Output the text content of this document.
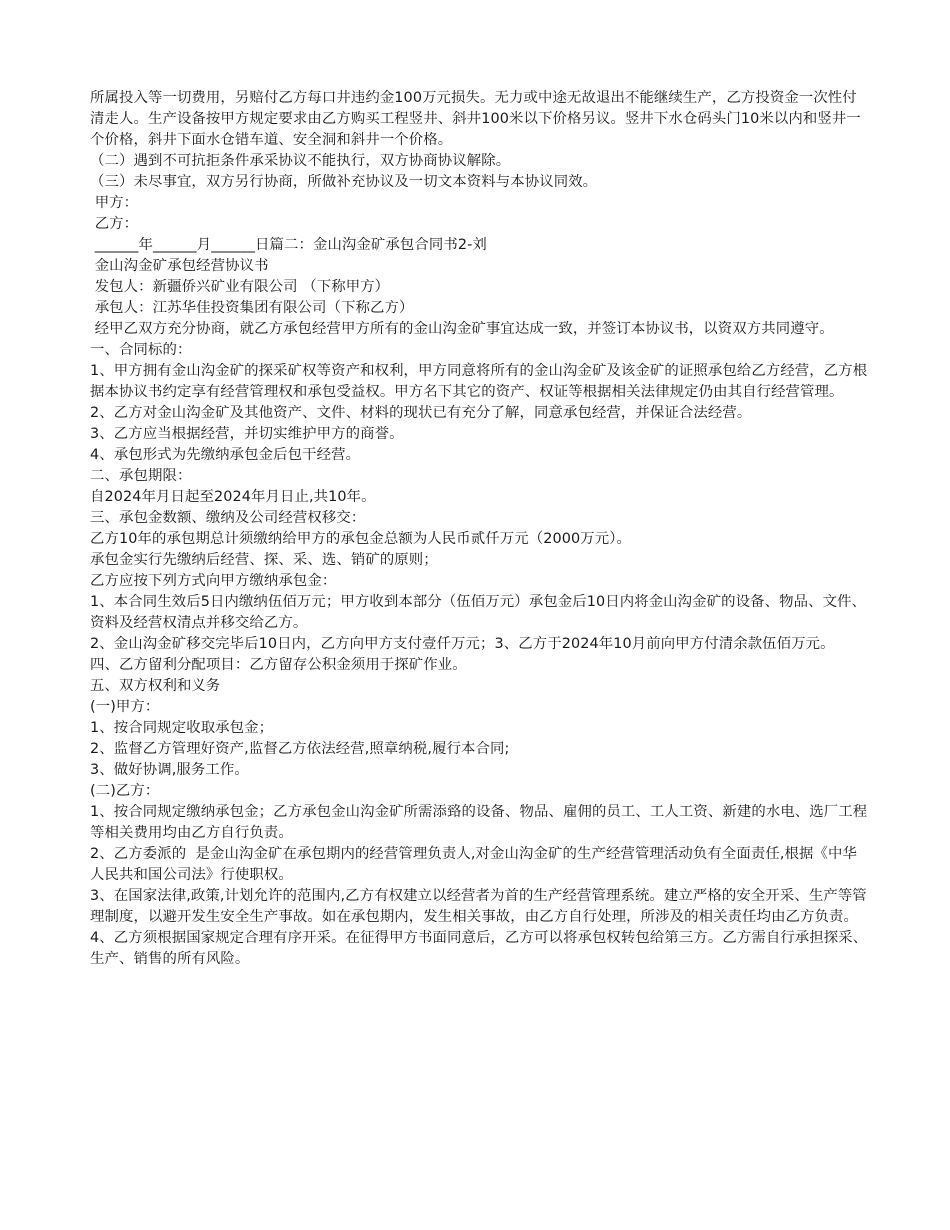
所属投入等一切费用，另赔付乙方每口井违约金100万元损失。无力或中途无故退出不能继续生产，乙方投资金一次性付清走人。生产设备按甲方规定要求由乙方购买工程竖井、斜井100米以下价格另议。竖井下水仓码头门10米以内和竖井一个价格，斜井下面水仓错车道、安全洞和斜井一个价格。

（二）遇到不可抗拒条件承采协议不能执行，双方协商协议解除。

（三）未尽事宜，双方另行协商，所做补充协议及一切文本资料与本协议同效。

甲方：

乙方：

______年______月______日篇二：金山沟金矿承包合同书2-刘

金山沟金矿承包经营协议书

发包人：新疆侨兴矿业有限公司 （下称甲方）

承包人：江苏华佳投资集团有限公司（下称乙方）

经甲乙双方充分协商，就乙方承包经营甲方所有的金山沟金矿事宜达成一致，并签订本协议书，以资双方共同遵守。

一、合同标的：

1、甲方拥有金山沟金矿的探采矿权等资产和权利，甲方同意将所有的金山沟金矿及该金矿的证照承包给乙方经营，乙方根据本协议书约定享有经营管理权和承包受益权。甲方名下其它的资产、权证等根据相关法律规定仍由其自行经营管理。

2、乙方对金山沟金矿及其他资产、文件、材料的现状已有充分了解，同意承包经营，并保证合法经营。

3、乙方应当根据经营，并切实维护甲方的商誉。

4、承包形式为先缴纳承包金后包干经营。

二、承包期限：

自2024年月日起至2024年月日止,共10年。

三、承包金数额、缴纳及公司经营权移交：

乙方10年的承包期总计须缴纳给甲方的承包金总额为人民币贰仟万元（2000万元）。

承包金实行先缴纳后经营、探、采、选、销矿的原则；

乙方应按下列方式向甲方缴纳承包金：

1、本合同生效后5日内缴纳伍佰万元；甲方收到本部分（伍佰万元）承包金后10日内将金山沟金矿的设备、物品、文件、资料及经营权清点并移交给乙方。

2、金山沟金矿移交完毕后10日内，乙方向甲方支付壹仟万元；3、乙方于2024年10月前向甲方付清余款伍佰万元。

四、乙方留利分配项目：乙方留存公积金须用于探矿作业。

五、双方权利和义务

(一)甲方：

1、按合同规定收取承包金；

2、监督乙方管理好资产,监督乙方依法经营,照章纳税,履行本合同;

3、做好协调,服务工作。

(二)乙方：

1、按合同规定缴纳承包金；乙方承包金山沟金矿所需添臵的设备、物品、雇佣的员工、工人工资、新建的水电、选厂工程等相关费用均由乙方自行负责。

2、乙方委派的  是金山沟金矿在承包期内的经营管理负责人,对金山沟金矿的生产经营管理活动负有全面责任,根据《中华人民共和国公司法》行使职权。

3、在国家法律,政策,计划允许的范围内,乙方有权建立以经营者为首的生产经营管理系统。建立严格的安全开采、生产等管理制度，以避开发生安全生产事故。如在承包期内，发生相关事故，由乙方自行处理，所涉及的相关责任均由乙方负责。

4、乙方须根据国家规定合理有序开采。在征得甲方书面同意后，乙方可以将承包权转包给第三方。乙方需自行承担探采、生产、销售的所有风险。
